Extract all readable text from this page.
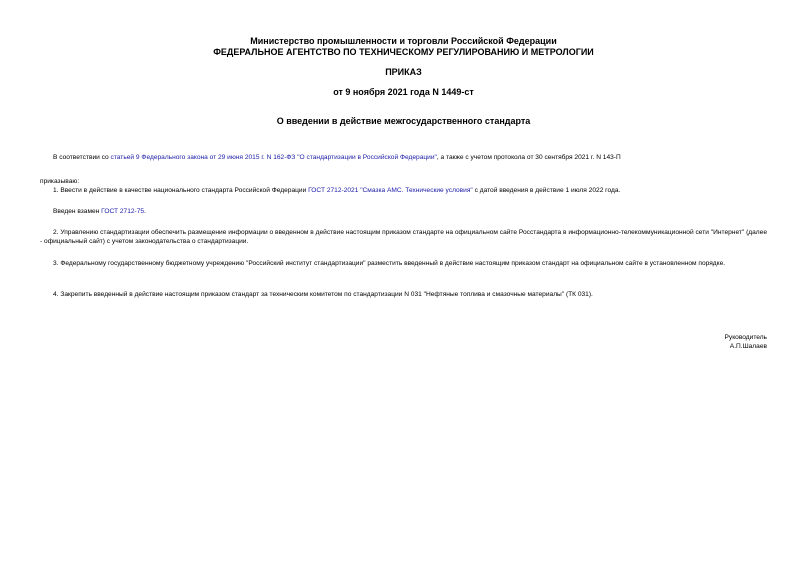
Министерство промышленности и торговли Российской Федерации
ФЕДЕРАЛЬНОЕ АГЕНТСТВО ПО ТЕХНИЧЕСКОМУ РЕГУЛИРОВАНИЮ И МЕТРОЛОГИИ
ПРИКАЗ
от 9 ноября 2021 года N 1449-ст
О введении в действие межгосударственного стандарта
В соответствии со статьей 9 Федерального закона от 29 июня 2015 г. N 162-ФЗ "О стандартизации в Российской Федерации", а также с учетом протокола от 30 сентября 2021 г. N 143-П
приказываю:
1. Ввести в действие в качестве национального стандарта Российской Федерации ГОСТ 2712-2021 "Смазка АМС. Технические условия" с датой введения в действие 1 июля 2022 года.
Введен взамен ГОСТ 2712-75.
2. Управлению стандартизации обеспечить размещение информации о введенном в действие настоящим приказом стандарте на официальном сайте Росстандарта в информационно-телекоммуникационной сети "Интернет" (далее - официальный сайт) с учетом законодательства о стандартизации.
3. Федеральному государственному бюджетному учреждению "Российский институт стандартизации" разместить введенный в действие настоящим приказом стандарт на официальном сайте в установленном порядке.
4. Закрепить введенный в действие настоящим приказом стандарт за техническим комитетом по стандартизации N 031 "Нефтяные топлива и смазочные материалы" (ТК 031).
Руководитель
А.П.Шалаев
